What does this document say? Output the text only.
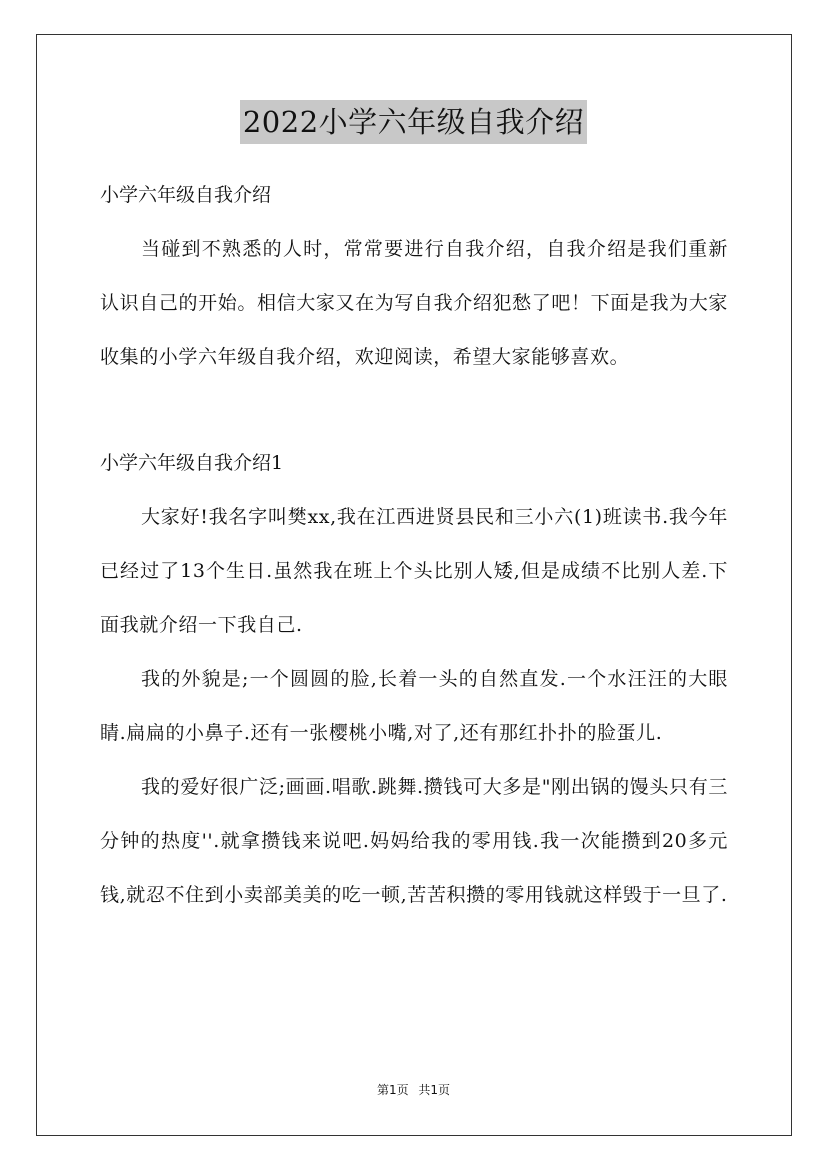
2022小学六年级自我介绍

小学六年级自我介绍

当碰到不熟悉的人时，常常要进行自我介绍，自我介绍是我们重新认识自己的开始。相信大家又在为写自我介绍犯愁了吧！下面是我为大家收集的小学六年级自我介绍，欢迎阅读，希望大家能够喜欢。

小学六年级自我介绍1

大家好!我名字叫樊xx,我在江西进贤县民和三小六(1)班读书.我今年已经过了13个生日.虽然我在班上个头比别人矮,但是成绩不比别人差.下面我就介绍一下我自己.

我的外貌是;一个圆圆的脸,长着一头的自然直发.一个水汪汪的大眼睛.扁扁的小鼻子.还有一张樱桃小嘴,对了,还有那红扑扑的脸蛋儿.

我的爱好很广泛;画画.唱歌.跳舞.攒钱可大多是"刚出锅的馒头只有三分钟的热度''.就拿攒钱来说吧.妈妈给我的零用钱.我一次能攒到20多元钱,就忍不住到小卖部美美的吃一顿,苦苦积攒的零用钱就这样毁于一旦了.

第1页 共1页
